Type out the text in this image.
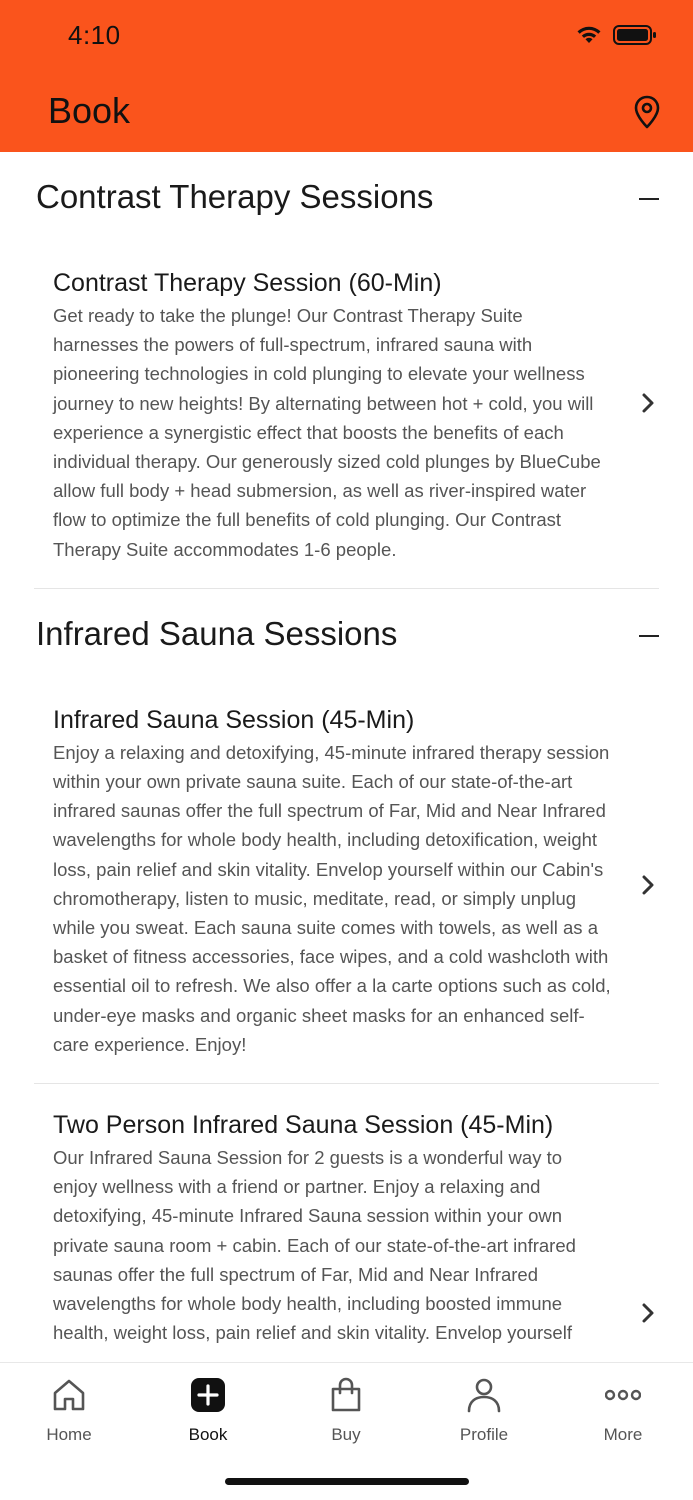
4:10
Book
Contrast Therapy Sessions
Contrast Therapy Session (60-Min)
Get ready to take the plunge! Our Contrast Therapy Suite harnesses the powers of full-spectrum, infrared sauna with pioneering technologies in cold plunging to elevate your wellness journey to new heights! By alternating between hot + cold, you will experience a synergistic effect that boosts the benefits of each individual therapy. Our generously sized cold plunges by BlueCube allow full body + head submersion, as well as river-inspired water flow to optimize the full benefits of cold plunging. Our Contrast Therapy Suite accommodates 1-6 people.
Infrared Sauna Sessions
Infrared Sauna Session (45-Min)
Enjoy a relaxing and detoxifying, 45-minute infrared therapy session within your own private sauna suite. Each of our state-of-the-art infrared saunas offer the full spectrum of Far, Mid and Near Infrared wavelengths for whole body health, including detoxification, weight loss, pain relief and skin vitality. Envelop yourself within our Cabin's chromotherapy, listen to music, meditate, read, or simply unplug while you sweat. Each sauna suite comes with towels, as well as a basket of fitness accessories, face wipes, and a cold washcloth with essential oil to refresh. We also offer a la carte options such as cold, under-eye masks and organic sheet masks for an enhanced self-care experience. Enjoy!
Two Person Infrared Sauna Session (45-Min)
Our Infrared Sauna Session for 2 guests is a wonderful way to enjoy wellness with a friend or partner. Enjoy a relaxing and detoxifying, 45-minute Infrared Sauna session within your own private sauna room + cabin. Each of our state-of-the-art infrared saunas offer the full spectrum of Far, Mid and Near Infrared wavelengths for whole body health, including boosted immune health, weight loss, pain relief and skin vitality. Envelop yourself
Home	Book	Buy	Profile	More
